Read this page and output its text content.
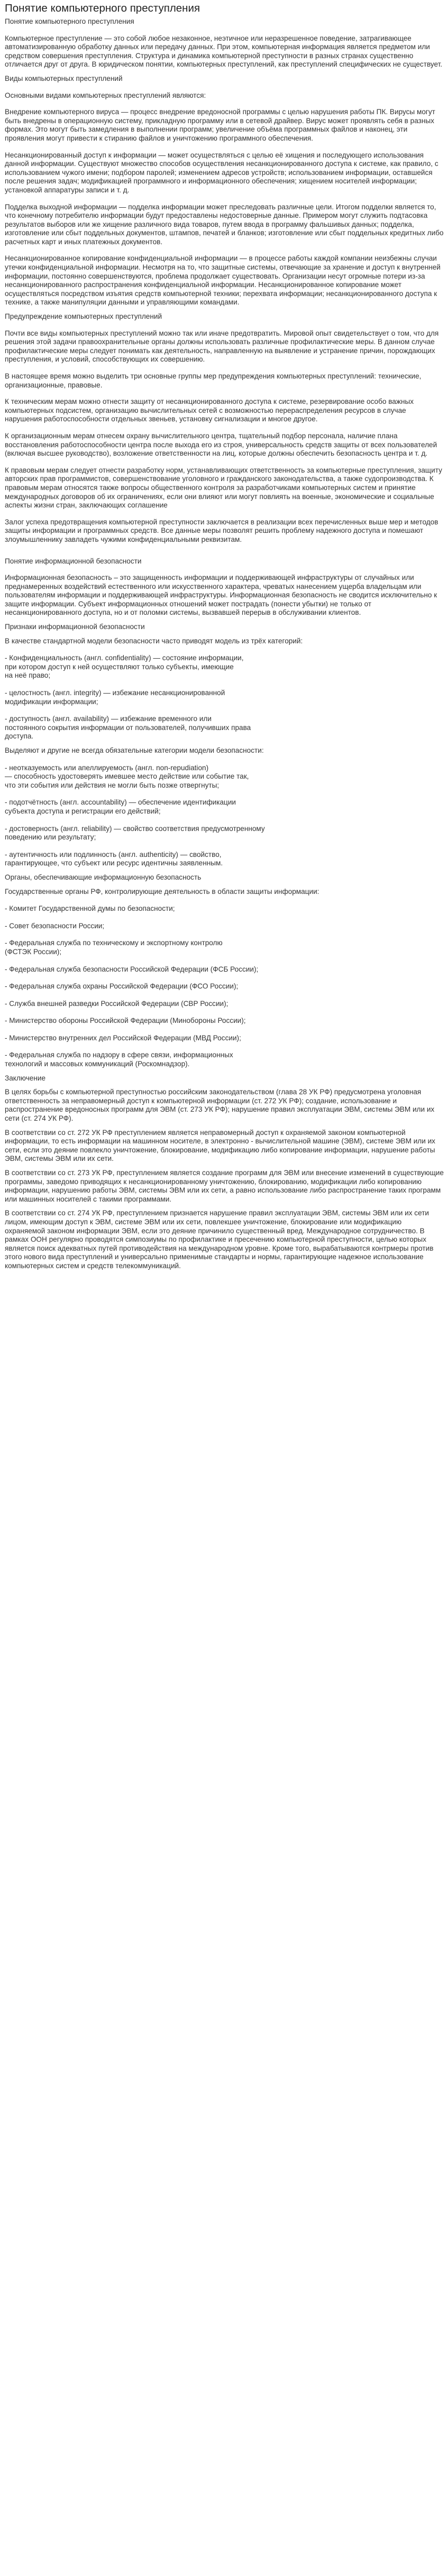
Понятие компьютерного преступления

Понятие компьютерного преступления

Компьютерное преступление — это собой любое незаконное, неэтичное или неразрешенное поведение, затрагивающее автоматизированную обработку данных или передачу данных. При этом, компьютерная информация является предметом или средством совершения преступления. Структура и динамика компьютерной преступности в разных странах существенно отличается друг от друга. В юридическом понятии, компьютерных преступлений, как преступлений специфических не существует.

Виды компьютерных преступлений

Основными видами компьютерных преступлений являются:

Внедрение компьютерного вируса — процесс внедрение вредоносной программы с целью нарушения работы ПК. Вирусы могут быть внедрены в операционную систему, прикладную программу или в сетевой драйвер. Вирус может проявлять себя в разных формах. Это могут быть замедления в выполнении программ; увеличение объёма программных файлов и наконец, эти проявления могут привести к стиранию файлов и уничтожению программного обеспечения.

Несанкционированный доступ к информации — может осуществляться с целью её хищения и последующего использования данной информации. Существуют множество способов осуществления несанкционированного доступа к системе, как правило, с использованием чужого имени; подбором паролей; изменением адресов устройств; использованием информации, оставшейся после решения задач; модификацией программного и информационного обеспечения; хищением носителей информации; установкой аппаратуры записи и т. д.

Подделка выходной информации — подделка информации может преследовать различные цели. Итогом подделки является то, что конечному потребителю информации будут предоставлены недостоверные данные. Примером могут служить подтасовка результатов выборов или же хищение различного вида товаров, путем ввода в программу фальшивых данных; подделка, изготовление или сбыт поддельных документов, штампов, печатей и бланков; изготовление или сбыт поддельных кредитных либо расчетных карт и иных платежных документов.

Несанкционированное копирование конфиденциальной информации — в процессе работы каждой компании неизбежны случаи утечки конфиденциальной информации. Несмотря на то, что защитные системы, отвечающие за хранение и доступ к внутренней информации, постоянно совершенствуются, проблема продолжает существовать. Организации несут огромные потери из-за несанкционированного распространения конфиденциальной информации. Несанкционированное копирование может осуществляться посредством изъятия средств компьютерной техники; перехвата информации; несанкционированного доступа к технике, а также манипуляции данными и управляющими командами.

Предупреждение компьютерных преступлений

Почти все виды компьютерных преступлений можно так или иначе предотвратить. Мировой опыт свидетельствует о том, что для решения этой задачи правоохранительные органы должны использовать различные профилактические меры. В данном случае профилактические меры следует понимать как деятельность, направленную на выявление и устранение причин, порождающих преступления, и условий, способствующих их совершению.

В настоящее время можно выделить три основные группы мер предупреждения компьютерных преступлений: технические, организационные, правовые.

К техническим мерам можно отнести защиту от несанкционированного доступа к системе, резервирование особо важных компьютерных подсистем, организацию вычислительных сетей с возможностью перераспределения ресурсов в случае нарушения работоспособности отдельных звеньев, установку сигнализации и многое другое.

К организационным мерам отнесем охрану вычислительного центра, тщательный подбор персонала, наличие плана восстановления работоспособности центра после выхода его из строя, универсальность средств защиты от всех пользователей (включая высшее руководство), возложение ответственности на лиц, которые должны обеспечить безопасность центра и т. д.

К правовым мерам следует отнести разработку норм, устанавливающих ответственность за компьютерные преступления, защиту авторских прав программистов, совершенствование уголовного и гражданского законодательства, а также судопроизводства. К правовым мерам относятся также вопросы общественного контроля за разработчиками компьютерных систем и принятие международных договоров об их ограничениях, если они влияют или могут повлиять на военные, экономические и социальные аспекты жизни стран, заключающих соглашение

Залог успеха предотвращения компьютерной преступности заключается в реализации всех перечисленных выше мер и методов защиты информации и программных средств. Все данные меры позволят решить проблему надежного доступа и помешают злоумышленнику завладеть чужими конфиденциальными реквизитам.

Понятие информационной безопасности

Информационная безопасность – это защищенность информации и поддерживающей инфраструктуры от случайных или преднамеренных воздействий естественного или искусственного характера, чреватых нанесением ущерба владельцам или пользователям информации и поддерживающей инфраструктуры. Информационная безопасность не сводится исключительно к защите информации. Субъект информационных отношений может пострадать (понести убытки) не только от несанкционированного доступа, но и от поломки системы, вызвавшей перерыв в обслуживании клиентов.

Признаки информационной безопасности

В качестве стандартной модели безопасности часто приводят модель из трёх категорий:

- Конфиденциальность (англ. confidentiality) — состояние информации,
при котором доступ к ней осуществляют только субъекты, имеющие
на неё право;
- целостность (англ. integrity) — избежание несанкционированной
модификации информации;
- доступность (англ. availability) — избежание временного или
постоянного сокрытия информации от пользователей, получивших права
доступа.

Выделяют и другие не всегда обязательные категории модели безопасности:

- неотказуемость или апеллируемость (англ. non-repudiation)
— способность удостоверять имевшее место действие или событие так,
что эти события или действия не могли быть позже отвергнуты;
- подотчётность (англ. accountability) — обеспечение идентификации
субъекта доступа и регистрации его действий;
- достоверность (англ. reliability) — свойство соответствия предусмотренному
поведению или результату;
- аутентичность или подлинность (англ. authenticity) — свойство,
гарантирующее, что субъект или ресурс идентичны заявленным.

Органы, обеспечивающие информационную безопасность

Государственные органы РФ, контролирующие деятельность в области защиты информации:

- Комитет Государственной думы по безопасности;
- Совет безопасности России;
- Федеральная служба по техническому и экспортному контролю
(ФСТЭК России);
- Федеральная служба безопасности Российской Федерации (ФСБ России);
- Федеральная служба охраны Российской Федерации (ФСО России);
- Служба внешней разведки Российской Федерации (СВР России);
- Министерство обороны Российской Федерации (Минобороны России);
- Министерство внутренних дел Российской Федерации (МВД России);
- Федеральная служба по надзору в сфере связи, информационных
технологий и массовых коммуникаций (Роскомнадзор).
Заключение

В целях борьбы с компьютерной преступностью российским законодательством (глава 28 УК РФ) предусмотрена уголовная ответственность за неправомерный доступ к компьютерной информации (ст. 272 УК РФ); создание, использование и распространение вредоносных программ для ЭВМ (ст. 273 УК РФ); нарушение правил эксплуатации ЭВМ, системы ЭВМ или их сети (ст. 274 УК РФ).

В соответствии со ст. 272 УК РФ преступлением является неправомерный доступ к охраняемой законом компьютерной информации, то есть информации на машинном носителе, в электронно - вычислительной машине (ЭВМ), системе ЭВМ или их сети, если это деяние повлекло уничтожение, блокирование, модификацию либо копирование информации, нарушение работы ЭВМ, системы ЭВМ или их сети.

В соответствии со ст. 273 УК РФ, преступлением является создание программ для ЭВМ или внесение изменений в существующие программы, заведомо приводящих к несанкционированному уничтожению, блокированию, модификации либо копированию информации, нарушению работы ЭВМ, системы ЭВМ или их сети, а равно использование либо распространение таких программ или машинных носителей с такими программами.

В соответствии со ст. 274 УК РФ, преступлением признается нарушение правил эксплуатации ЭВМ, системы ЭВМ или их сети лицом, имеющим доступ к ЭВМ, системе ЭВМ или их сети, повлекшее уничтожение, блокирование или модификацию охраняемой законом информации ЭВМ, если это деяние причинило существенный вред. Международное сотрудничество. В рамках ООН регулярно проводятся симпозиумы по профилактике и пресечению компьютерной преступности, целью которых является поиск адекватных путей противодействия на международном уровне. Кроме того, вырабатываются контрмеры против этого нового вида преступлений и универсально применимые стандарты и нормы, гарантирующие надежное использование компьютерных систем и средств телекоммуникаций.
